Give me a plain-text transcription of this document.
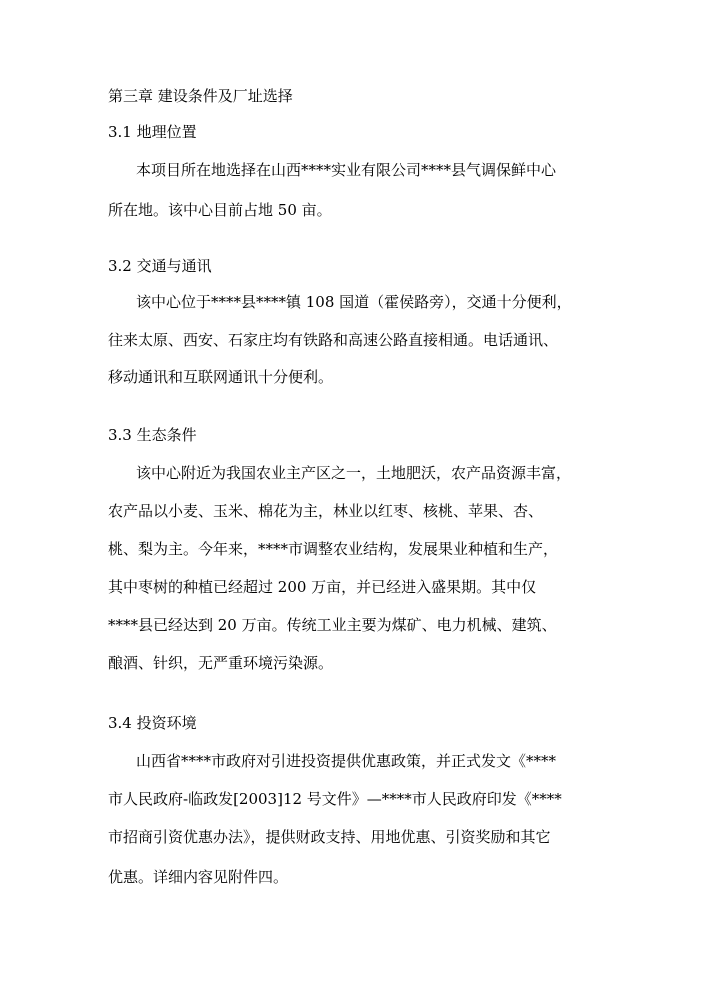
第三章 建设条件及厂址选择
3.1 地理位置
本项目所在地选择在山西****实业有限公司****县气调保鲜中心
所在地。该中心目前占地 50 亩。
3.2 交通与通讯
该中心位于****县****镇 108 国道（霍侯路旁），交通十分便利，
往来太原、西安、石家庄均有铁路和高速公路直接相通。电话通讯、
移动通讯和互联网通讯十分便利。
3.3 生态条件
该中心附近为我国农业主产区之一，土地肥沃，农产品资源丰富，
农产品以小麦、玉米、棉花为主，林业以红枣、核桃、苹果、杏、
桃、梨为主。今年来，****市调整农业结构，发展果业种植和生产，
其中枣树的种植已经超过 200 万亩，并已经进入盛果期。其中仅
****县已经达到 20 万亩。传统工业主要为煤矿、电力机械、建筑、
酿酒、针织，无严重环境污染源。
3.4 投资环境
山西省****市政府对引进投资提供优惠政策，并正式发文《****
市人民政府-临政发[2003]12 号文件》—****市人民政府印发《****
市招商引资优惠办法》，提供财政支持、用地优惠、引资奖励和其它
优惠。详细内容见附件四。
